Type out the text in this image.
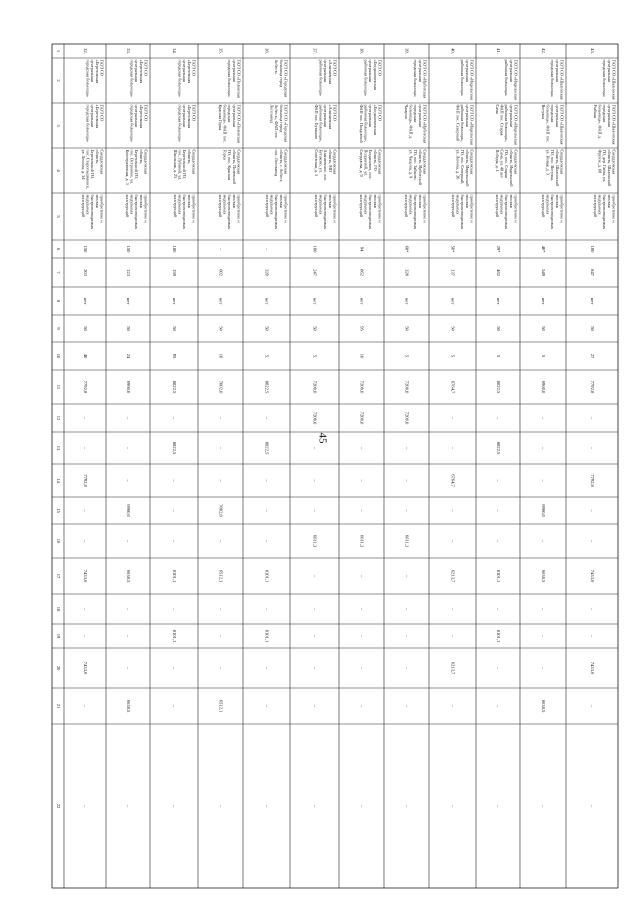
45
1
2
3
4
5
6
7
8
9
10
11
12
13
14
15
16
17
18
19
20
21
22
32.
ГАУЗ СО«Березовскаяцентральнаягородская больница»
ГАУЗ СО«Березовскаяцентральнаягородская больница»
Свердловскаяобласть,Березовский ГО,пос. Старопышминск,ул. Ленина, д. 34
приобретение имонтажбыстровозводимыхмодульныхконструкций
150
203
нет
50
40
7792,8
–
–
7792,8
–
–
7433,6
–
–
7433,6
–
–
33.
ГАУЗ СО«Березовскаяцентральнаягородская больница»
ГАУЗ СО«Березовскаяцентральнаягородская больница»
Свердловскаяобласть,Березовский ГО,пос. Островное, ул.Кооперативная, д. 3
приобретение имонтажбыстровозводимыхмодульныхконструкций
150
123
нет
50
24
6960,0
–
–
–
6960,0
–
6638,5
–
–
–
6638,5
–
34.
ГАУЗ СО«Березовскаяцентральнаягородская больница»
ГАУЗ СО«Березовскаяцентральнаягородская больница»
Свердловскаяобласть,Березовский ГО,пос. Лубяной, ул.Школьная, д. 23
приобретение имонтажбыстровозводимыхмодульныхконструкций
180
159
нет
50
95
8822,5
–
8822,5
–
–
–
8101,1
–
8101,1
–
–
–
35.
ГАУЗ СО «Полевскаяцентральнаягородская больница»
ГАУЗ СО «Полевскаяцентральнаягородскаябольница», ФАП пос.Красная Горка
Свердловскаяобласть, ПолевскойГО, пос. КраснаяГорка
приобретение имонтажбыстровозводимыхмодульныхконструкций
–
602
нет
50
10
7002,0
–
–
–
7002,0
–
6512,1
–
–
–
6512,1
–
36.
ГАУЗ СО «Городскаябольница городАсбест»
ГАУЗ СО «Городскаябольница городАсбест», ФАП пос.Лесозавод
Свердловскаяобласть, г. Асбест,пос. Лесозавод
приобретение имонтажбыстровозводимыхмодульныхконструкций
–
320
нет
50
5
8822,5
–
8822,5
–
–
–
8101,1
–
8101,1
–
–
–
37.
ГАУЗ СО«Алапаевскаяцентральнаярайонная больница»
ГАУЗ СО«Алапаевскаяцентральнаярайонная больница»,ФАП пос. Бутаково
Свердловскаяобласть, МОАлапаевское, пос.Бутаково, ул.Советская, д. 5
приобретение имонтажбыстровозводимыхмодульныхконструкций
100
247
нет
50
5
7200,0
7200,0
–
–
–
6611,3
–
–
–
–
–
–
38.
ГАУЗ СО«Богдановичскаяцентральнаярайонная больница»
ГАУЗ СО«Богдановичскаяцентральнаярайонная больница»,ФАП пос. Полдневой
Свердловскаяобласть, ГОБогданович, пос.Полдневой, ул.Свердлова, д. 9
приобретение имонтажбыстровозводимыхмодульныхконструкций
94
862
нет
95
10
7200,0
7200,0
–
–
–
6611,3
–
–
–
–
–
–
39.
ГАУЗ СО «Ирбитскаяцентральнаягородская больница»
ГАУЗ СО «Ирбитскаяцентральнаягородскаябольница», ФАП д.Чащина
Свердловскаяобласть, ИрбитскийГО, пос. Зайково,ул. Чащина, д. 9
приобретение имонтажбыстровозводимыхмодульныхконструкций
68*
328
нет
50
5
7200,0
7200,0
–
–
–
6611,3
–
–
–
–
–
–
40.
ГАУЗ СО «Ивдельскаяцентральнаярайонная больница»
ГАУЗ СО «Ивдельскаяцентральнаярайонная больница»,ФАП пос. Северный
Свердловскаяобласть, ИвдельскийГО, пос. Северный,ул. Ленина, д. 26
приобретение имонтажбыстровозводимыхмодульныхконструкций
50*
137
нет
50
5
6764,7
–
–
6764,7
–
–
6213,7
–
–
6213,7
–
–
41.
ГАУЗ СО «Ивдельскаяцентральнаярайонная больница»
ГАУЗ СО «Ивдельскаяцентральнаярайонная больница»,ФАП пос. СтараяСама
Свердловскаяобласть, ИвдельскийГО, пос. СтараяСама, ул. 40 летПобеды, д. 1
приобретение имонтажбыстровозводимыхмодульныхконструкций
29*
462
нет
50
5
8822,5
–
8822,5
–
–
–
8101,1
–
8101,1
–
–
–
42.
ГАУЗ СО «Шалинскаяцентральнаягородская больница»
ГАУЗ СО «Шалинскаяцентральнаягородскаябольница», ФАП пос.Вогулка
Свердловскаяобласть, ШалинскийГО, пос. Вогулка,ул. Новая, д. 3
приобретение имонтажбыстровозводимыхмодульныхконструкций
40*
549
нет
50
5
6960,0
–
–
–
6960,0
–
6638,5
–
–
–
6638,5
–
43.
ГАУЗ СО «Шалинскаяцентральнаягородская больница»
ГАУЗ СО «Шалинскаяцентральнаягородскаябольница», ФАП д.Рыбная
Свердловскаяобласть, ШалинскийГО, дер. Гаёва, ул.Фрунзе, д. 68
приобретение имонтажбыстровозводимыхмодульныхконструкций
100
847
нет
50
27
7792,8
–
–
7792,8
–
–
7433,6
–
–
7433,6
–
–
